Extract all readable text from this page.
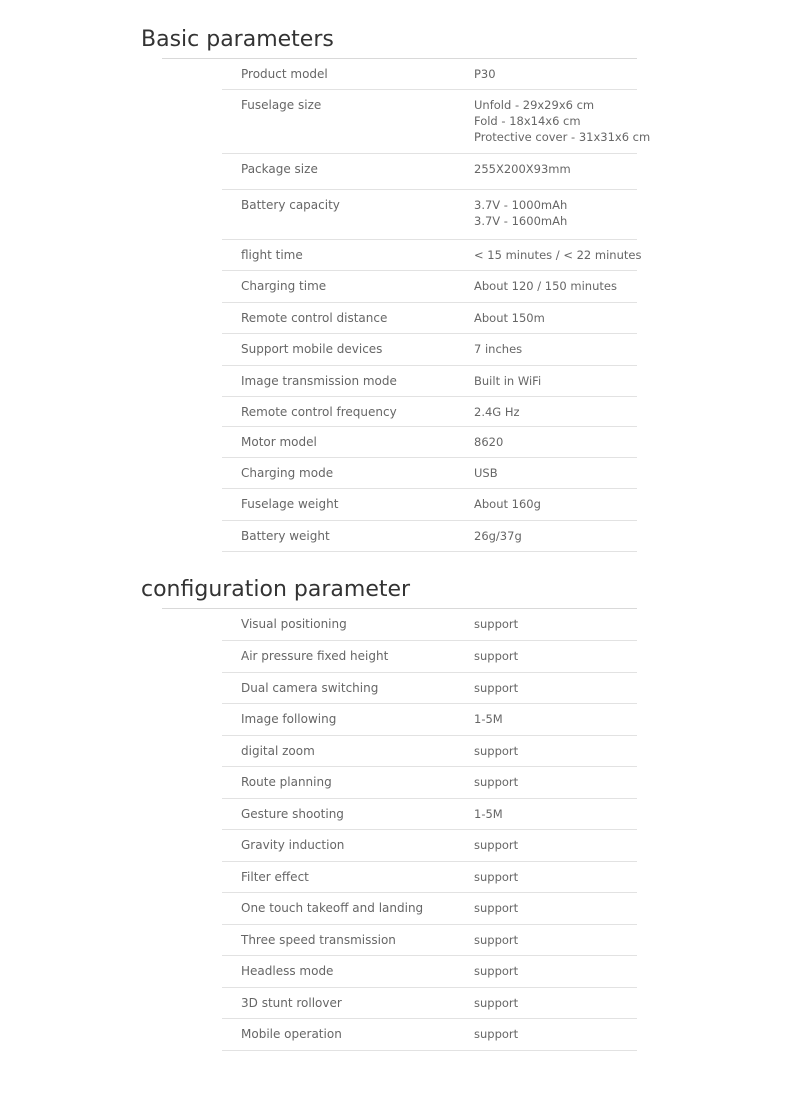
Basic parameters
Product model	P30
Fuselage size	Unfold - 29x29x6 cm
Fold - 18x14x6 cm
Protective cover - 31x31x6 cm
Package size	255X200X93mm
Battery capacity	3.7V - 1000mAh
3.7V - 1600mAh
flight time	< 15 minutes / < 22 minutes
Charging time	About 120 / 150 minutes
Remote control distance	About 150m
Support mobile devices	7 inches
Image transmission mode	Built in WiFi
Remote control frequency	2.4G Hz
Motor model	8620
Charging mode	USB
Fuselage weight	About 160g
Battery weight	26g/37g
configuration parameter
Visual positioning	support
Air pressure fixed height	support
Dual camera switching	support
Image following	1-5M
digital zoom	support
Route planning	support
Gesture shooting	1-5M
Gravity induction	support
Filter effect	support
One touch takeoff and landing	support
Three speed transmission	support
Headless mode	support
3D stunt rollover	support
Mobile operation	support
